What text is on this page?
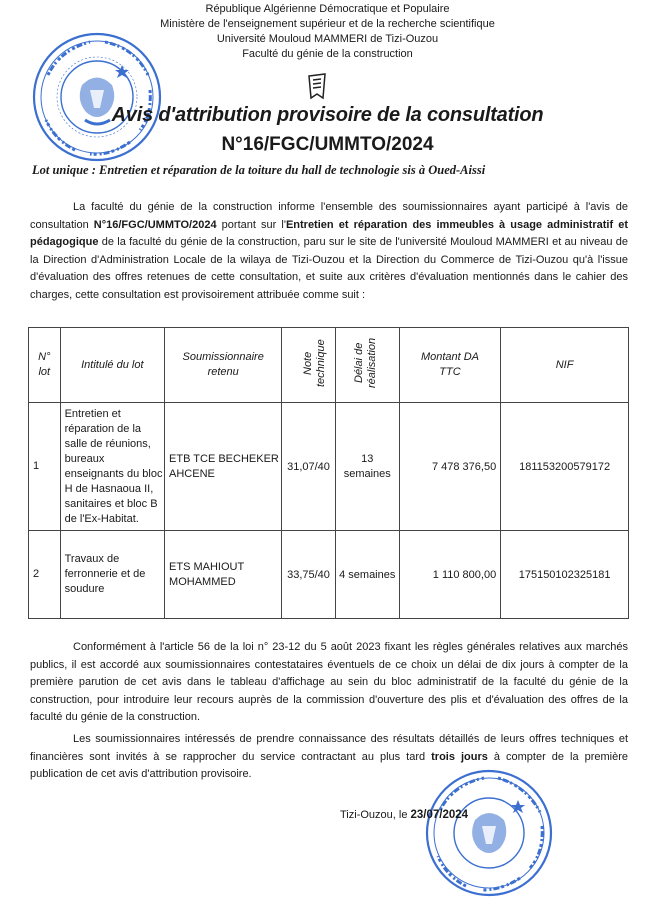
République Algérienne Démocratique et Populaire
Ministère de l'enseignement supérieur et de la recherche scientifique
Université Mouloud MAMMERI de Tizi-Ouzou
Faculté du génie de la construction
Avis d'attribution provisoire de la consultation
N°16/FGC/UMMTO/2024
Lot unique : Entretien et réparation de la toiture du hall de technologie sis à Oued-Aissi
La faculté du génie de la construction informe l'ensemble des soumissionnaires ayant participé à l'avis de consultation N°16/FGC/UMMTO/2024 portant sur l'Entretien et réparation des immeubles à usage administratif et pédagogique de la faculté du génie de la construction, paru sur le site de l'université Mouloud MAMMERI et au niveau de la Direction d'Administration Locale de la wilaya de Tizi-Ouzou et la Direction du Commerce de Tizi-Ouzou qu'à l'issue d'évaluation des offres retenues de cette consultation, et suite aux critères d'évaluation mentionnés dans le cahier des charges, cette consultation est provisoirement attribuée comme suit :
N° lot	Intitulé du lot	Soumissionnaire retenu	Note technique	Délai de réalisation	Montant DA TTC	NIF
1	Entretien et réparation de la salle de réunions, bureaux enseignants du bloc H de Hasnaoua II, sanitaires et bloc B de l'Ex-Habitat.	ETB TCE BECHEKER AHCENE	31,07/40	13 semaines	7 478 376,50	181153200579172
2	Travaux de ferronnerie et de soudure	ETS MAHIOUT MOHAMMED	33,75/40	4 semaines	1 110 800,00	175150102325181
Conformément à l'article 56 de la loi n° 23-12 du 5 août 2023 fixant les règles générales relatives aux marchés publics, il est accordé aux soumissionnaires contestataires éventuels de ce choix un délai de dix jours à compter de la première parution de cet avis dans le tableau d'affichage au sein du bloc administratif de la faculté du génie de la construction, pour introduire leur recours auprès de la commission d'ouverture des plis et d'évaluation des offres de la faculté du génie de la construction.
Les soumissionnaires intéressés de prendre connaissance des résultats détaillés de leurs offres techniques et financières sont invités à se rapprocher du service contractant au plus tard trois jours à compter de la première publication de cet avis d'attribution provisoire.
Tizi-Ouzou, le 23/07/2024
